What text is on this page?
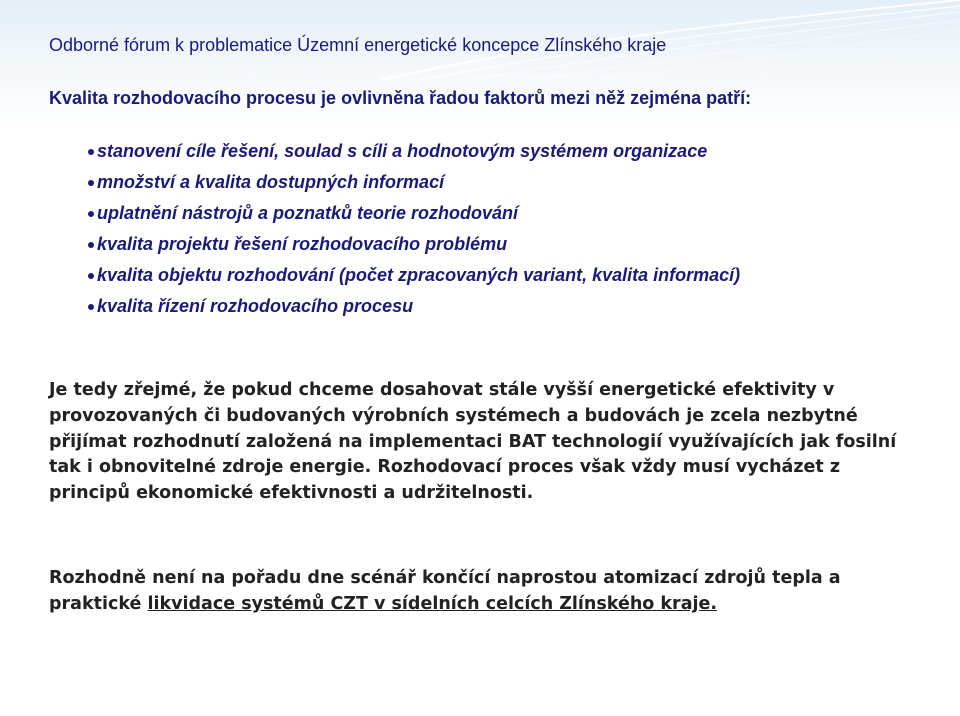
Odborné fórum k problematice Územní energetické koncepce Zlínského kraje

Kvalita rozhodovacího procesu je ovlivněna řadou faktorů mezi něž zejména patří:

stanovení cíle řešení, soulad s cíli a hodnotovým systémem organizace
množství a kvalita dostupných informací
uplatnění nástrojů a poznatků teorie rozhodování
kvalita projektu řešení rozhodovacího problému
kvalita objektu rozhodování (počet zpracovaných variant, kvalita informací)
kvalita řízení rozhodovacího procesu

Je tedy zřejmé, že pokud chceme dosahovat stále vyšší energetické efektivity v provozovaných či budovaných výrobních systémech a budovách je zcela nezbytné přijímat rozhodnutí založená na implementaci BAT technologií využívajících jak fosilní tak i obnovitelné zdroje energie. Rozhodovací proces však vždy musí vycházet z principů ekonomické efektivnosti a udržitelnosti.

Rozhodně není na pořadu dne scénář končící naprostou atomizací zdrojů tepla a praktické likvidace systémů CZT v sídelních celcích Zlínského kraje.
